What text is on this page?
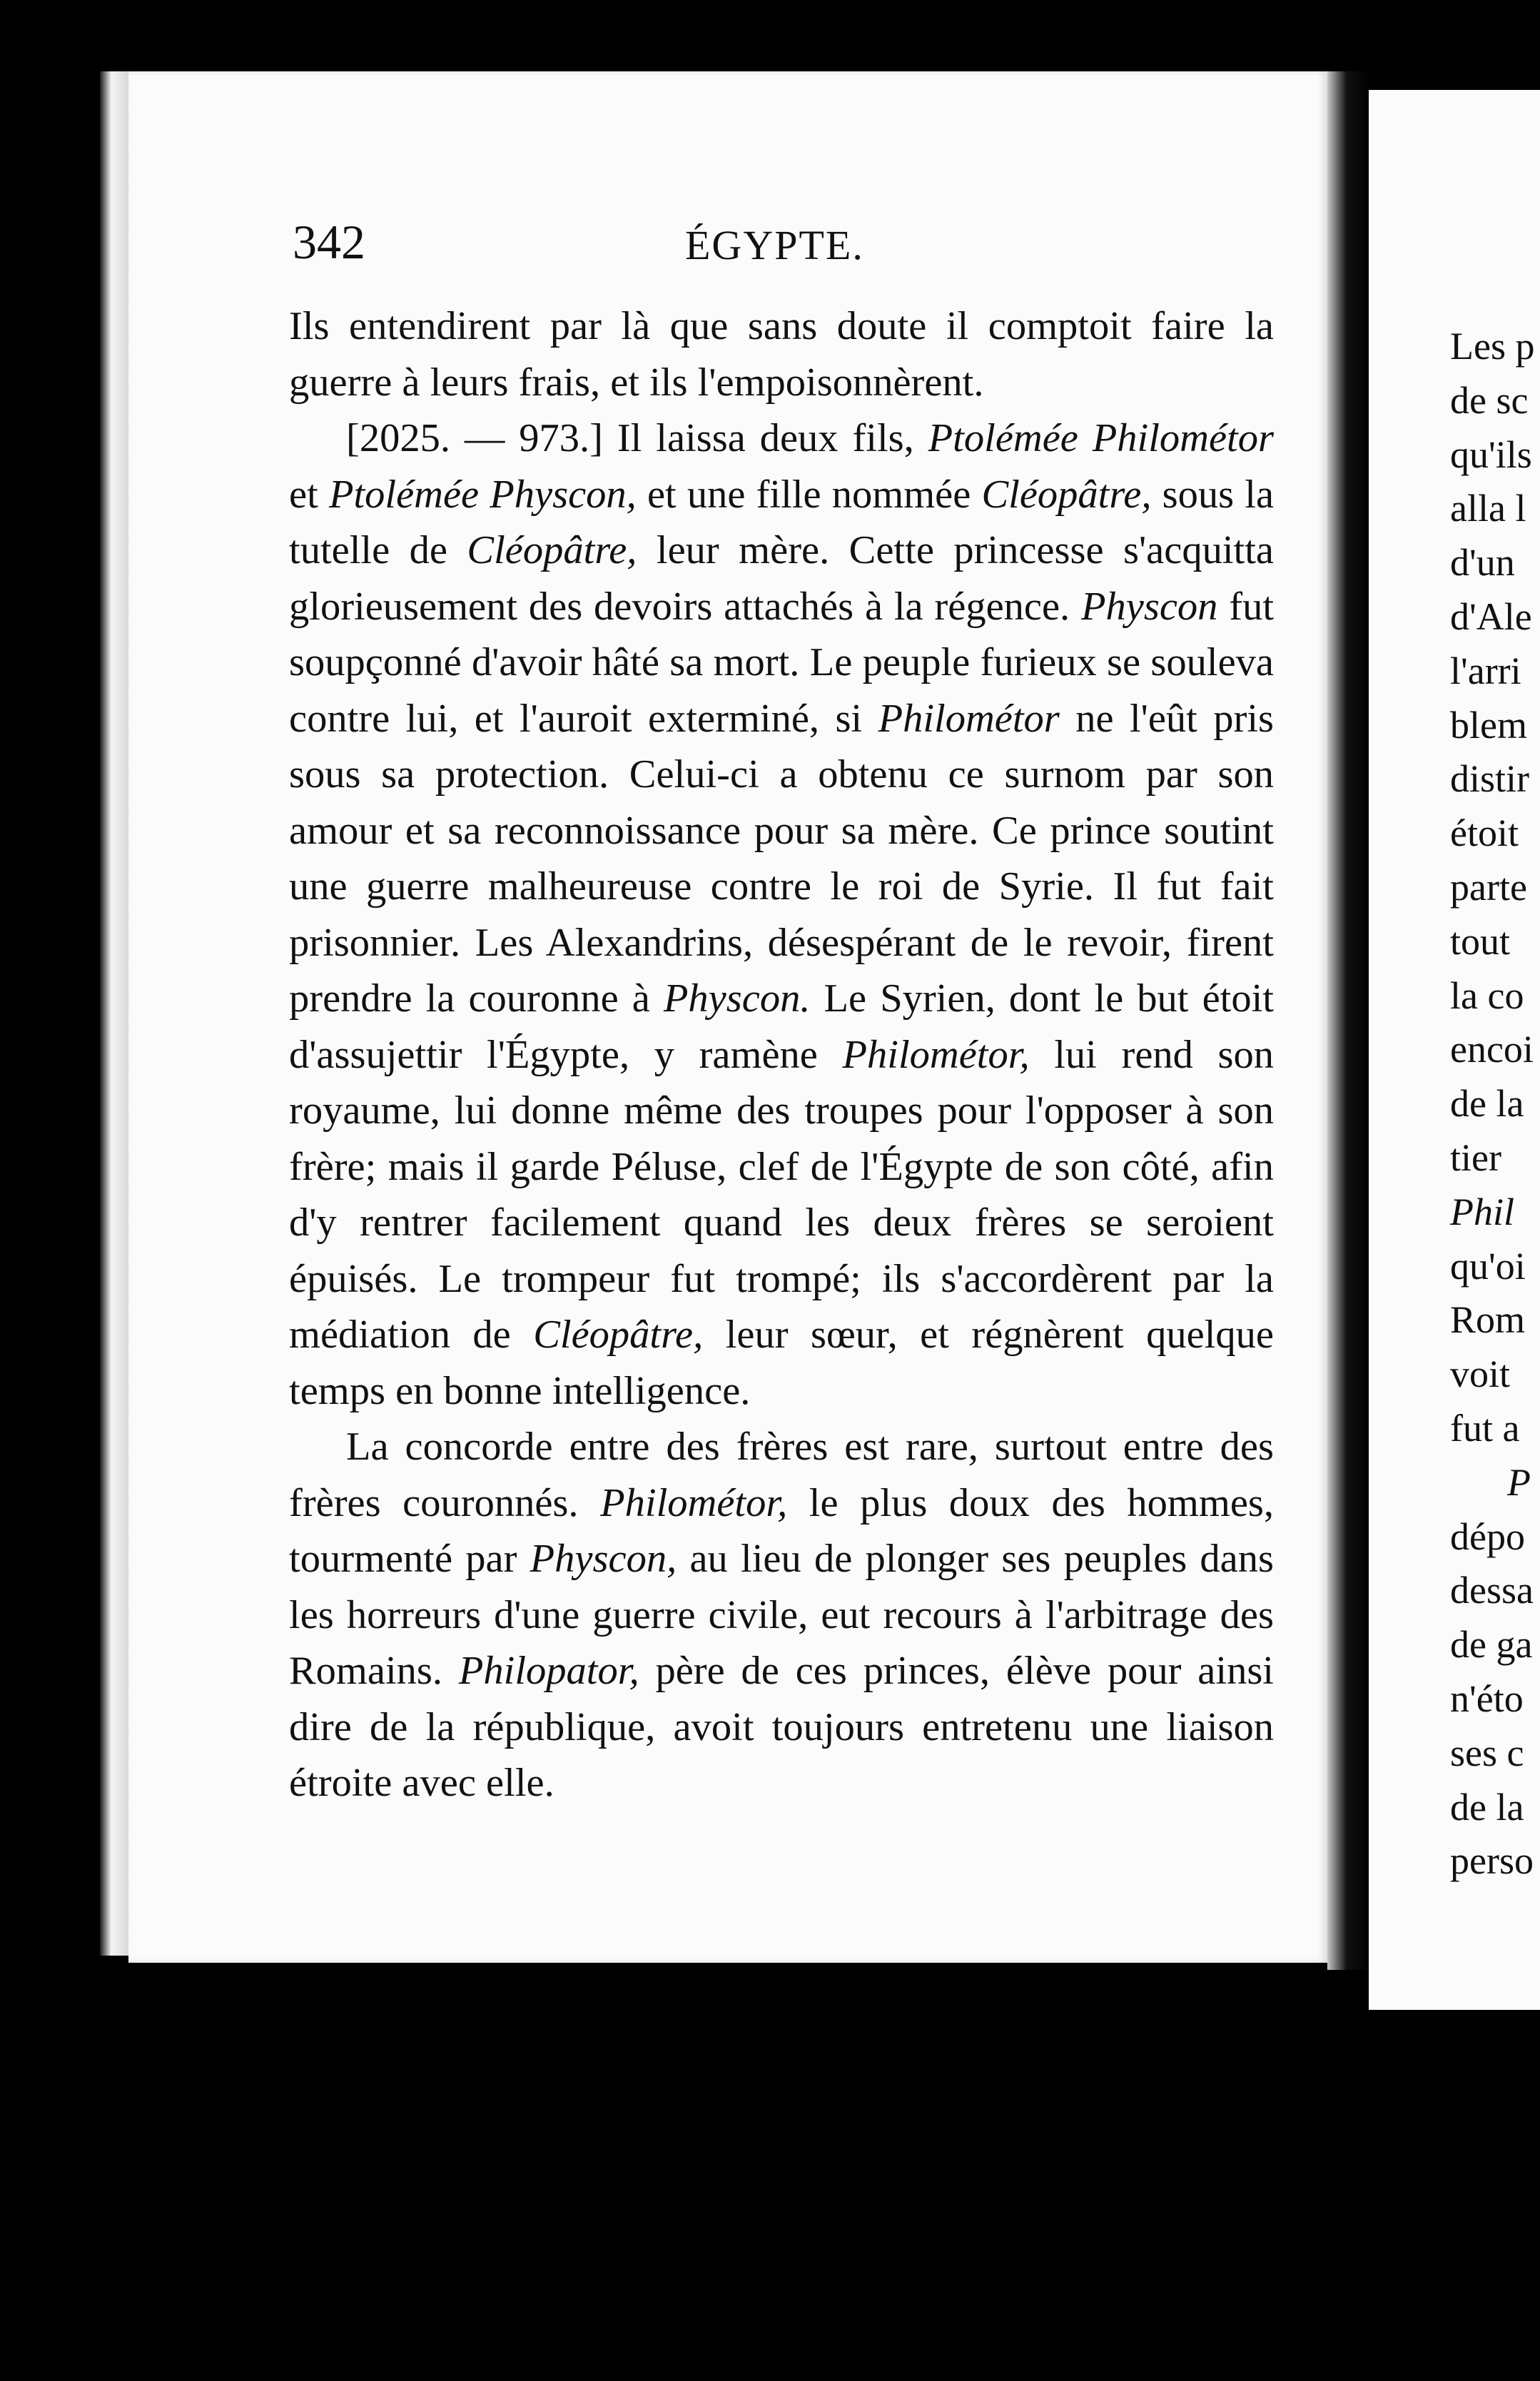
342	ÉGYPTE.

Ils entendirent par là que sans doute il comptoit faire la guerre à leurs frais, et ils l'empoisonnèrent.

[2025. — 973.] Il laissa deux fils, Ptolémée Philométor et Ptolémée Physcon, et une fille nommée Cléopâtre, sous la tutelle de Cléopâtre, leur mère. Cette princesse s'acquitta glorieusement des devoirs attachés à la régence. Physcon fut soupçonné d'avoir hâté sa mort. Le peuple furieux se souleva contre lui, et l'auroit exterminé, si Philométor ne l'eût pris sous sa protection. Celui-ci a obtenu ce surnom par son amour et sa reconnoissance pour sa mère. Ce prince soutint une guerre malheureuse contre le roi de Syrie. Il fut fait prisonnier. Les Alexandrins, désespérant de le revoir, firent prendre la couronne à Physcon. Le Syrien, dont le but étoit d'assujettir l'Égypte, y ramène Philométor, lui rend son royaume, lui donne même des troupes pour l'opposer à son frère; mais il garde Péluse, clef de l'Égypte de son côté, afin d'y rentrer facilement quand les deux frères se seroient épuisés. Le trompeur fut trompé; ils s'accordèrent par la médiation de Cléopâtre, leur sœur, et régnèrent quelque temps en bonne intelligence.

La concorde entre des frères est rare, surtout entre des frères couronnés. Philométor, le plus doux des hommes, tourmenté par Physcon, au lieu de plonger ses peuples dans les horreurs d'une guerre civile, eut recours à l'arbitrage des Romains. Philopator, père de ces princes, élève pour ainsi dire de la république, avoit toujours entretenu une liaison étroite avec elle.

Les p
de sc
qu'ils
alla l
d'un
d'Ale
l'arri
blem
distir
étoit
parte
tout
la co
encoi
de la
tier
Phil
qu'oi
Rom
voit
fut a
P
dépo
dessa
de ga
n'éto
ses c
de la
perso
